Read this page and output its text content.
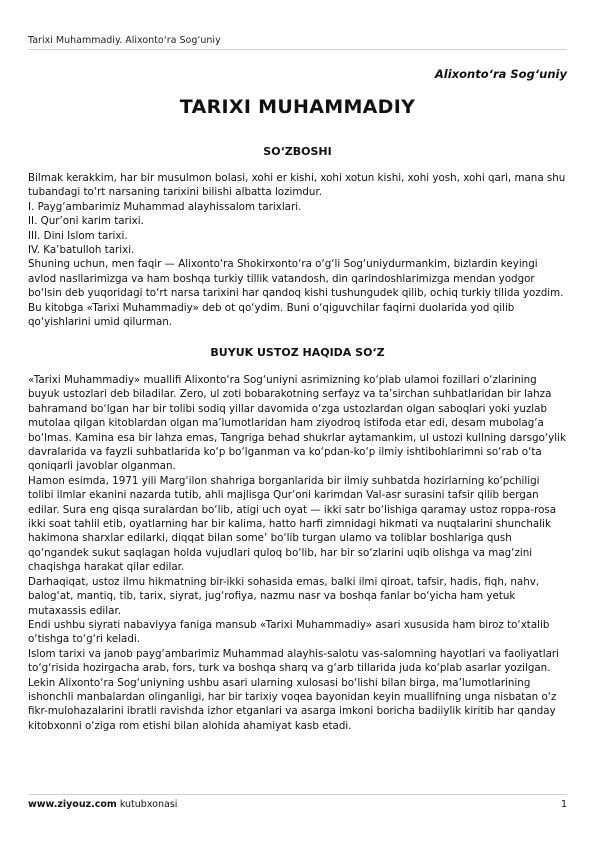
Tarixi Muhammadiy. Alixonto‘ra Sog‘uniy
Alixonto‘ra Sog‘uniy
TARIXI MUHAMMADIY
SO‘ZBOSHI

Bilmak kerakkim, har bir musulmon bolasi, xohi er kishi, xohi xotun kishi, xohi yosh, xohi qari, mana shu tubandagi to‘rt narsaning tarixini bilishi albatta lozimdur.

I. Payg‘ambarimiz Muhammad alayhissalom tarixlari.

II. Qur’oni karim tarixi.

III. Dini Islom tarixi.

IV. Ka’batulloh tarixi.

Shuning uchun, men faqir — Alixonto‘ra Shokirxonto‘ra o‘g‘li Sog‘uniydurmankim, bizlardin keyingi avlod nasllarimizga va ham boshqa turkiy tillik vatandosh, din qarindoshlarimizga mendan yodgor bo‘lsin deb yuqoridagi to‘rt narsa tarixini har qandoq kishi tushungudek qilib, ochiq turkiy tilida yozdim. Bu kitobga «Tarixi Muhammadiy» deb ot qo‘ydim. Buni o‘qiguvchilar faqirni duolarida yod qilib qo‘yishlarini umid qilurman.

BUYUK USTOZ HAQIDA SO‘Z

«Tarixi Muhammadiy» muallifi Alixonto‘ra Sog‘uniyni asrimizning ko‘plab ulamoi fozillari o‘zlarining buyuk ustozlari deb biladilar. Zero, ul zoti bobarakotning serfayz va ta’sirchan suhbatlaridan bir lahza bahramand bo‘lgan har bir tolibi sodiq yillar davomida o‘zga ustozlardan olgan saboqlari yoki yuzlab mutolaa qilgan kitoblardan olgan ma’lumotlaridan ham ziyodroq istifoda etar edi, desam mubolag‘a bo‘lmas. Kamina esa bir lahza emas, Tangriga behad shukrlar aytamankim, ul ustozi kullning darsgo‘ylik davralarida va fayzli suhbatlarida ko‘p bo‘lganman va ko‘pdan-ko‘p ilmiy ishtibohlarimni so‘rab o‘ta qoniqarli javoblar olganman.

Hamon esimda, 1971 yili Marg‘ilon shahriga borganlarida bir ilmiy suhbatda hozirlarning ko‘pchiligi tolibi ilmlar ekanini nazarda tutib, ahli majlisga Qur’oni karimdan Val-asr surasini tafsir qilib bergan edilar. Sura eng qisqa suralardan bo‘lib, atigi uch oyat — ikki satr bo‘lishiga qaramay ustoz roppa-rosa ikki soat tahlil etib, oyatlarning har bir kalima, hatto harfi zimnidagi hikmati va nuqtalarini shunchalik hakimona sharxlar edilarki, diqqat bilan some’ bo‘lib turgan ulamo va toliblar boshlariga qush qo‘ngandek sukut saqlagan holda vujudlari quloq bo‘lib, har bir so‘zlarini uqib olishga va mag‘zini chaqishga harakat qilar edilar.

Darhaqiqat, ustoz ilmu hikmatning bir-ikki sohasida emas, balki ilmi qiroat, tafsir, hadis, fiqh, nahv, balog‘at, mantiq, tib, tarix, siyrat, jug‘rofiya, nazmu nasr va boshqa fanlar bo‘yicha ham yetuk mutaxassis edilar.

Endi ushbu siyrati nabaviyya faniga mansub «Tarixi Muhammadiy» asari xususida ham biroz to‘xtalib o‘tishga to‘g‘ri keladi.

Islom tarixi va janob payg‘ambarimiz Muhammad alayhis-salotu vas-salomning hayotlari va faoliyatlari to‘g‘risida hozirgacha arab, fors, turk va boshqa sharq va g‘arb tillarida juda ko‘plab asarlar yozilgan. Lekin Alixonto‘ra Sog‘uniyning ushbu asari ularning xulosasi bo‘lishi bilan birga, ma’lumotlarining ishonchli manbalardan olinganligi, har bir tarixiy voqea bayonidan keyin muallifning unga nisbatan o‘z fikr-mulohazalarini ibratli ravishda izhor etganlari va asarga imkoni boricha badiiylik kiritib har qanday kitobxonni o‘ziga rom etishi bilan alohida ahamiyat kasb etadi.

www.ziyouz.com kutubxonasi	1
